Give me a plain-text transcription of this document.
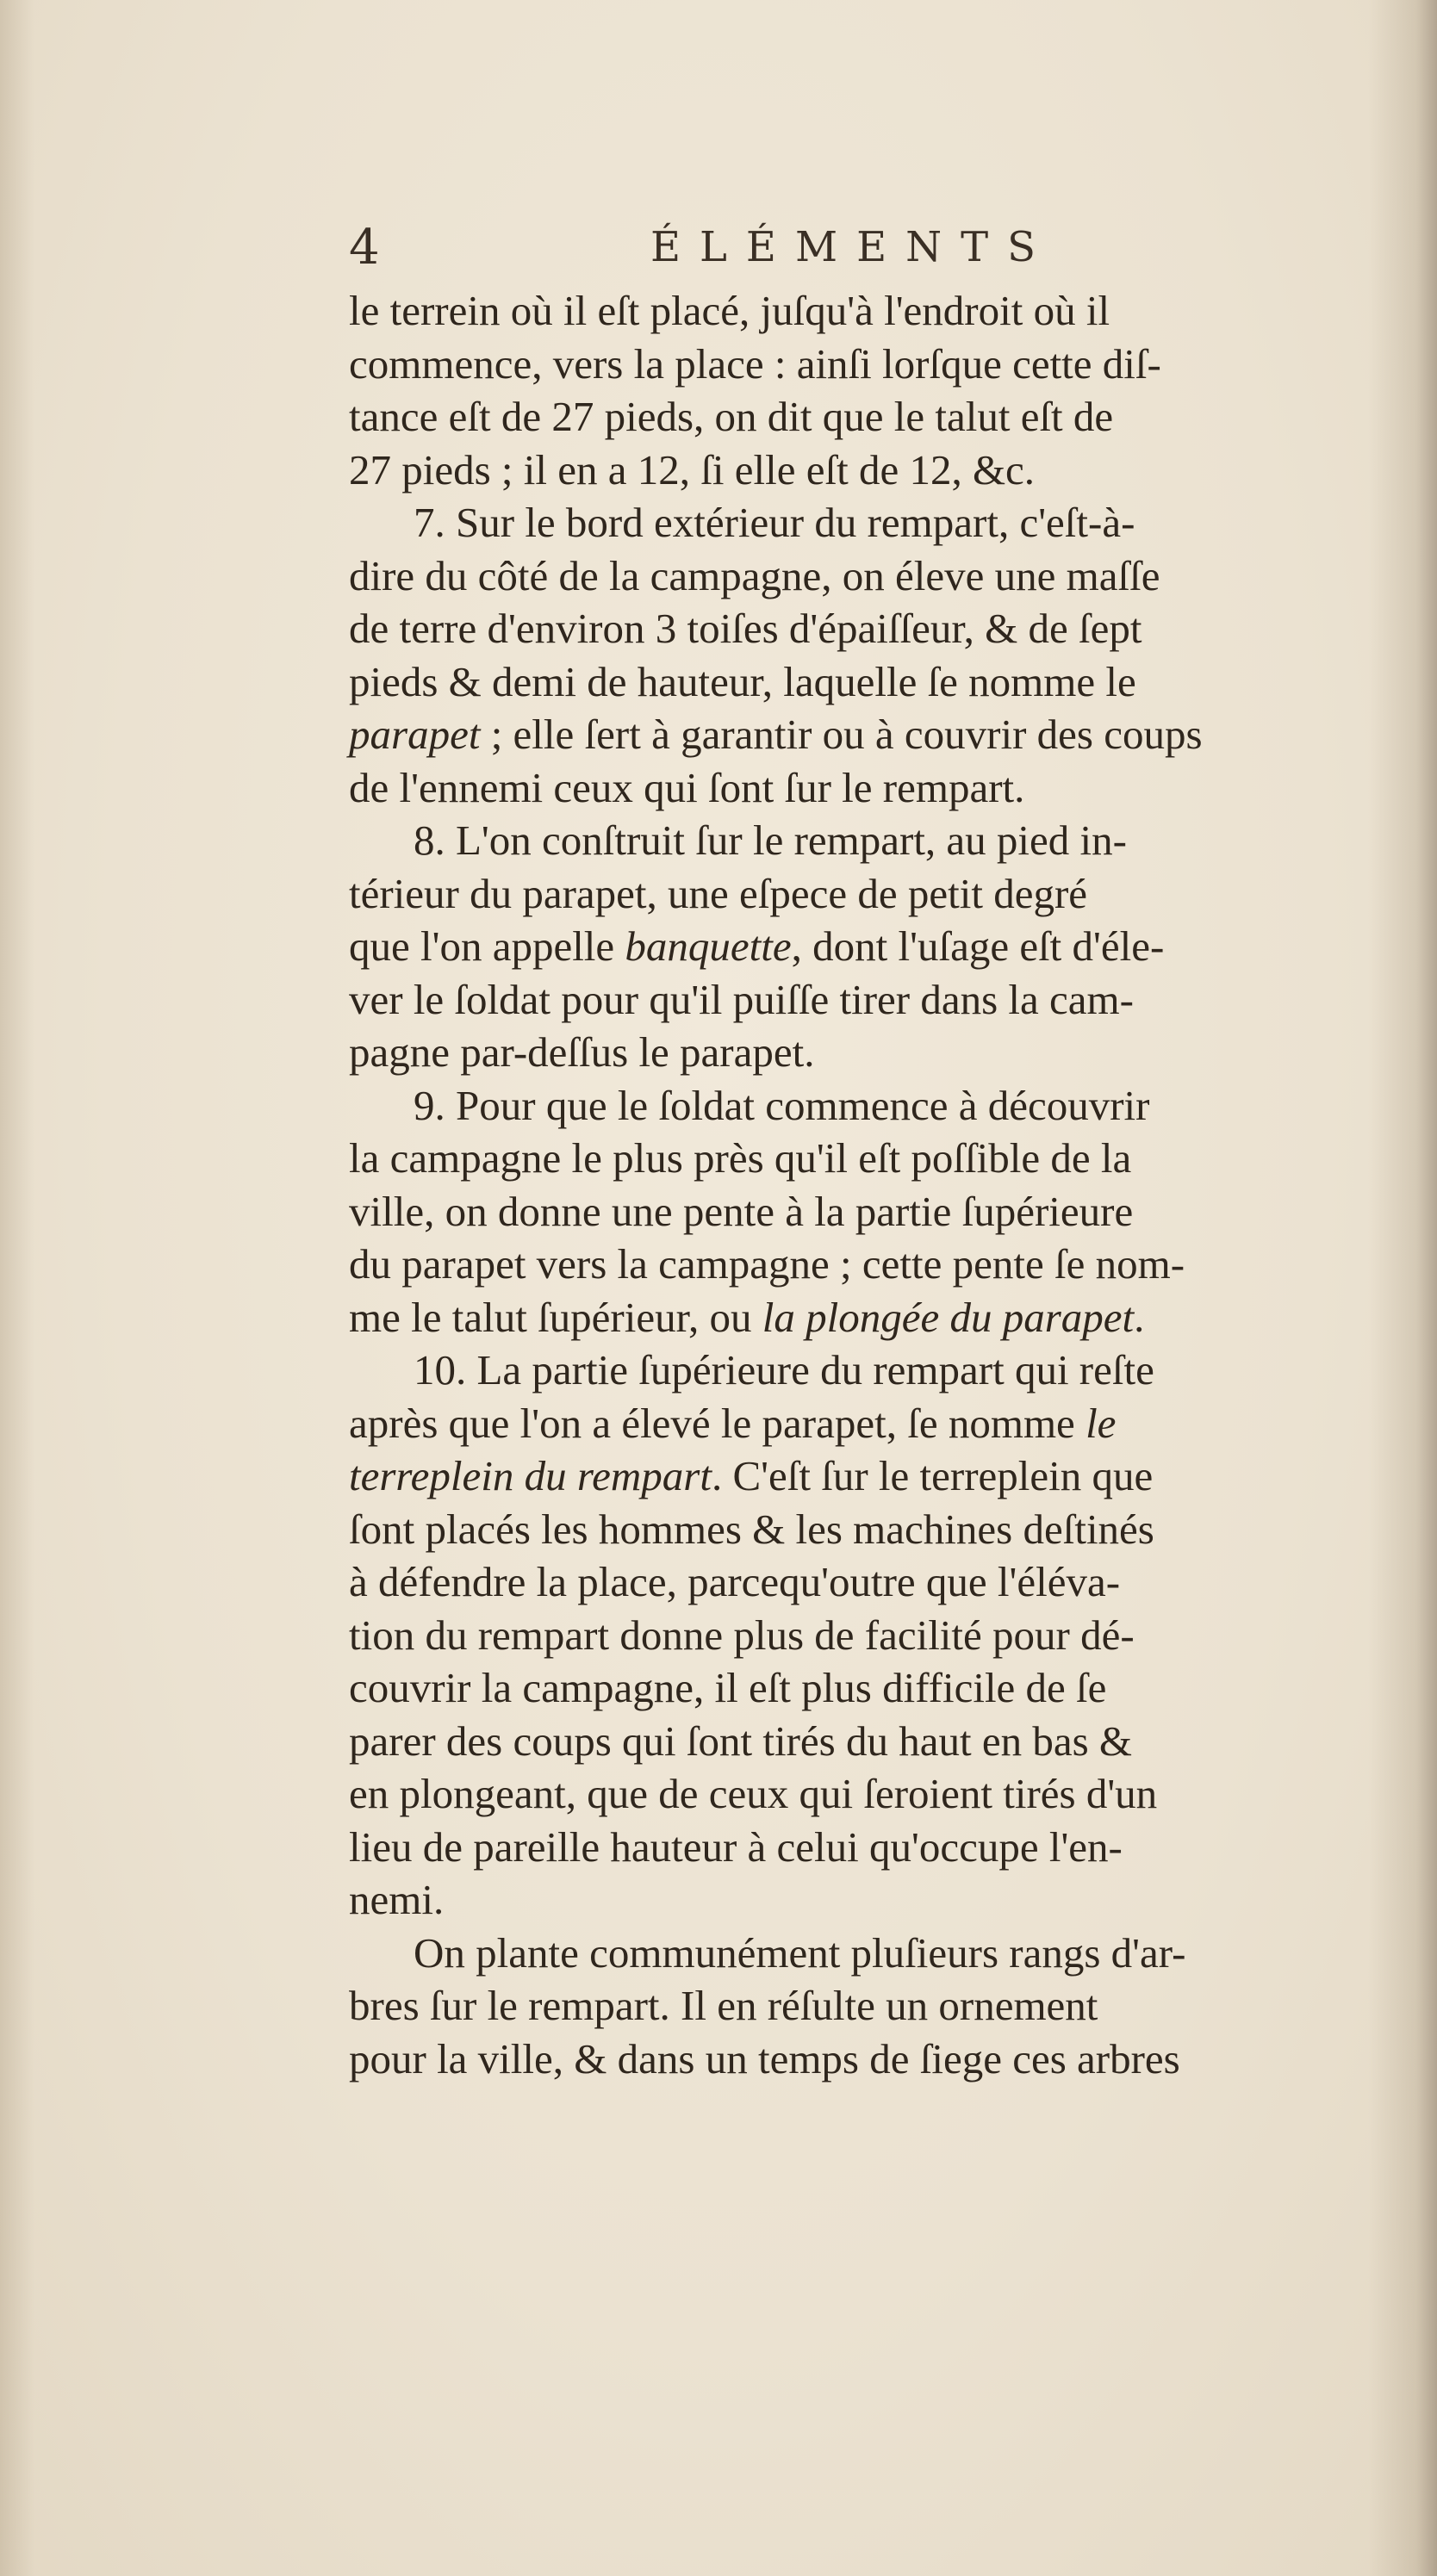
4	ÉLÉMENTS
le terrein où il eſt placé, juſqu'à l'endroit où il
commence, vers la place : ainſi lorſque cette diſ-
tance eſt de 27 pieds, on dit que le talut eſt de
27 pieds ; il en a 12, ſi elle eſt de 12, &c.
7. Sur le bord extérieur du rempart, c'eſt-à-
dire du côté de la campagne, on éleve une maſſe
de terre d'environ 3 toiſes d'épaiſſeur, & de ſept
pieds & demi de hauteur, laquelle ſe nomme le
parapet ; elle ſert à garantir ou à couvrir des coups
de l'ennemi ceux qui ſont ſur le rempart.
8. L'on conſtruit ſur le rempart, au pied in-
térieur du parapet, une eſpece de petit degré
que l'on appelle banquette, dont l'uſage eſt d'éle-
ver le ſoldat pour qu'il puiſſe tirer dans la cam-
pagne par-deſſus le parapet.
9. Pour que le ſoldat commence à découvrir
la campagne le plus près qu'il eſt poſſible de la
ville, on donne une pente à la partie ſupérieure
du parapet vers la campagne ; cette pente ſe nom-
me le talut ſupérieur, ou la plongée du parapet.
10. La partie ſupérieure du rempart qui reſte
après que l'on a élevé le parapet, ſe nomme le
terreplein du rempart. C'eſt ſur le terreplein que
ſont placés les hommes & les machines deſtinés
à défendre la place, parcequ'outre que l'éléva-
tion du rempart donne plus de facilité pour dé-
couvrir la campagne, il eſt plus difficile de ſe
parer des coups qui ſont tirés du haut en bas &
en plongeant, que de ceux qui ſeroient tirés d'un
lieu de pareille hauteur à celui qu'occupe l'en-
nemi.
On plante communément pluſieurs rangs d'ar-
bres ſur le rempart. Il en réſulte un ornement
pour la ville, & dans un temps de ſiege ces arbres
